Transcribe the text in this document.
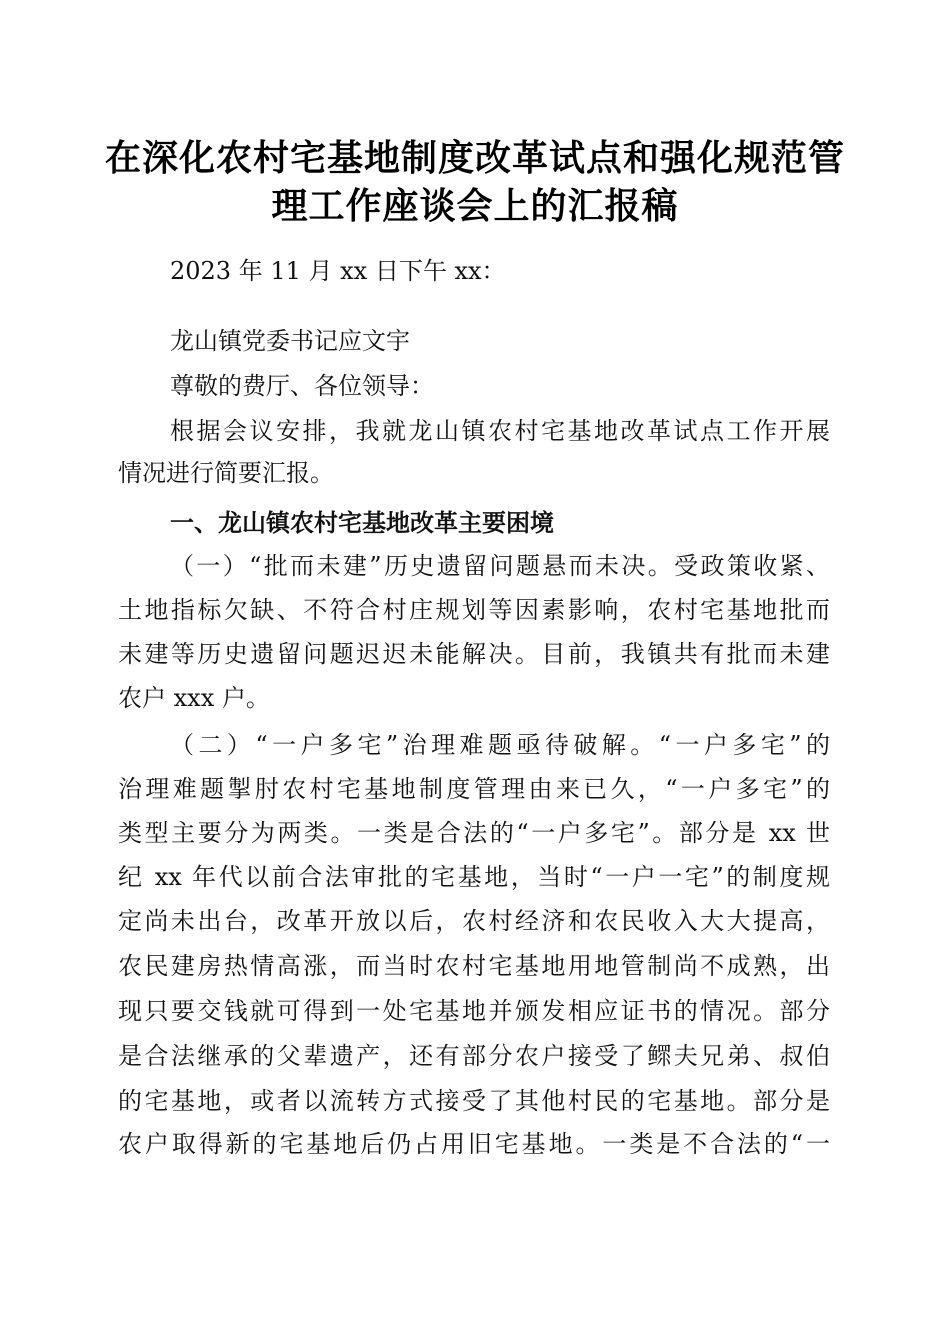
在深化农村宅基地制度改革试点和强化规范管
理工作座谈会上的汇报稿
2023 年 11 月 xx 日下午 xx：
龙山镇党委书记应文宇
尊敬的费厅、各位领导：
根据会议安排，我就龙山镇农村宅基地改革试点工作开展
情况进行简要汇报。
一、龙山镇农村宅基地改革主要困境
（一）“批而未建”历史遗留问题悬而未决。受政策收紧、
土地指标欠缺、不符合村庄规划等因素影响，农村宅基地批而
未建等历史遗留问题迟迟未能解决。目前，我镇共有批而未建
农户 xxx 户。
（二）“一户多宅”治理难题亟待破解。“一户多宅”的
治理难题掣肘农村宅基地制度管理由来已久，“一户多宅”的
类型主要分为两类。一类是合法的“一户多宅”。部分是 xx 世
纪 xx 年代以前合法审批的宅基地，当时“一户一宅”的制度规
定尚未出台，改革开放以后，农村经济和农民收入大大提高，
农民建房热情高涨，而当时农村宅基地用地管制尚不成熟，出
现只要交钱就可得到一处宅基地并颁发相应证书的情况。部分
是合法继承的父辈遗产，还有部分农户接受了鳏夫兄弟、叔伯
的宅基地，或者以流转方式接受了其他村民的宅基地。部分是
农户取得新的宅基地后仍占用旧宅基地。一类是不合法的“一
